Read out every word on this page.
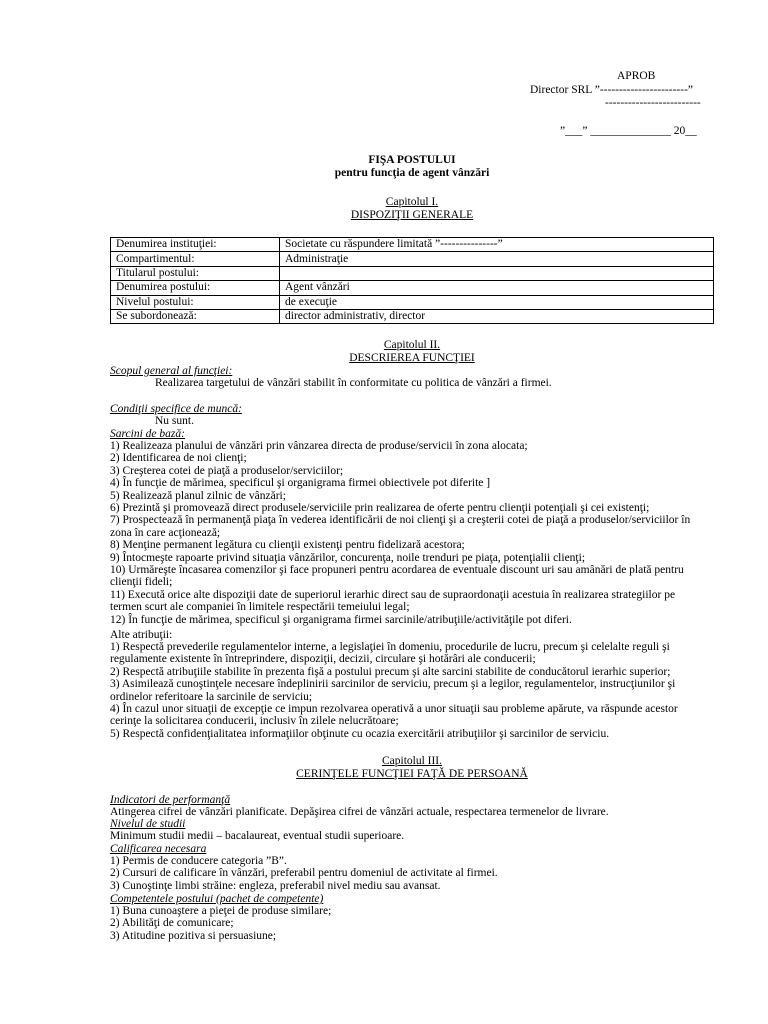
APROB
Director SRL ”-----------------------”
-------------------------
”___” ______________ 20__
FIŞA POSTULUI
pentru funcţia de agent vânzări
Capitolul I.
DISPOZIŢII GENERALE
Denumirea instituţiei:	Societate cu răspundere limitată ”---------------”
Compartimentul:	Administraţie
Titularul postului:	
Denumirea postului:	Agent vânzări
Nivelul postului:	de execuţie
Se subordonează:	director administrativ, director
Capitolul II.
DESCRIEREA FUNCŢIEI
Scopul general al funcţiei:
Realizarea targetului de vânzări stabilit în conformitate cu politica de vânzări a firmei.
Condiţii specifice de muncă:
Nu sunt.
Sarcini de bază:
1) Realizeaza planului de vânzări prin vânzarea directa de produse/servicii în zona alocata;
2) Identificarea de noi clienţi;
3) Creşterea cotei de piaţă a produselor/serviciilor;
4) În funcţie de mărimea, specificul şi organigrama firmei obiectivele pot diferite ]
5) Realizează planul zilnic de vânzări;
6) Prezintă şi promovează direct produsele/serviciile prin realizarea de oferte pentru clienţii potenţiali şi cei existenţi;
7) Prospectează în permanenţă piaţa în vederea identificării de noi clienţi şi a creşterii cotei de piaţă a produselor/serviciilor în
zona în care acţionează;
8) Menţine permanent legătura cu clienţii existenţi pentru fidelizară acestora;
9) Întocmeşte rapoarte privind situaţia vânzărilor, concurenţa, noile trenduri pe piaţa, potenţialii clienţi;
10) Urmăreşte încasarea comenzilor şi face propuneri pentru acordarea de eventuale discount uri sau amânări de plată pentru
clienţii fideli;
11) Execută orice alte dispoziţii date de superiorul ierarhic direct sau de supraordonaţii acestuia în realizarea strategiilor pe
termen scurt ale companiei în limitele respectării temeiului legal;
12) În funcţie de mărimea, specificul şi organigrama firmei sarcinile/atribuţiile/activităţile pot diferi.
Alte atribuţii:
1) Respectă prevederile regulamentelor interne, a legislaţiei în domeniu, procedurile de lucru, precum şi celelalte reguli şi
regulamente existente în întreprindere, dispoziţii, decizii, circulare şi hotărâri ale conducerii;
2) Respectă atribuţiile stabilite în prezenta fişă a postului precum şi alte sarcini stabilite de conducătorul ierarhic superior;
3) Asimilează cunoştinţele necesare îndeplinirii sarcinilor de serviciu, precum şi a legilor, regulamentelor, instrucţiunilor şi
ordinelor referitoare la sarcinile de serviciu;
4) În cazul unor situaţii de excepţie ce impun rezolvarea operativă a unor situaţii sau probleme apărute, va răspunde acestor
cerinţe la solicitarea conducerii, inclusiv în zilele nelucrătoare;
5) Respectă confidenţialitatea informaţiilor obţinute cu ocazia exercitării atribuţiilor şi sarcinilor de serviciu.
Capitolul III.
CERINŢELE FUNCŢIEI FAŢĂ DE PERSOANĂ
Indicatori de performanţă
Atingerea cifrei de vânzări planificate. Depăşirea cifrei de vânzări actuale, respectarea termenelor de livrare.
Nivelul de studii
Minimum studii medii – bacalaureat, eventual studii superioare.
Calificarea necesara
1) Permis de conducere categoria ”B”.
2) Cursuri de calificare în vânzări, preferabil pentru domeniul de activitate al firmei.
3) Cunoştinţe limbi străine: engleza, preferabil nivel mediu sau avansat.
Competentele postului (pachet de competente)
1) Buna cunoaştere a pieţei de produse similare;
2) Abilităţi de comunicare;
3) Atitudine pozitiva si persuasiune;
